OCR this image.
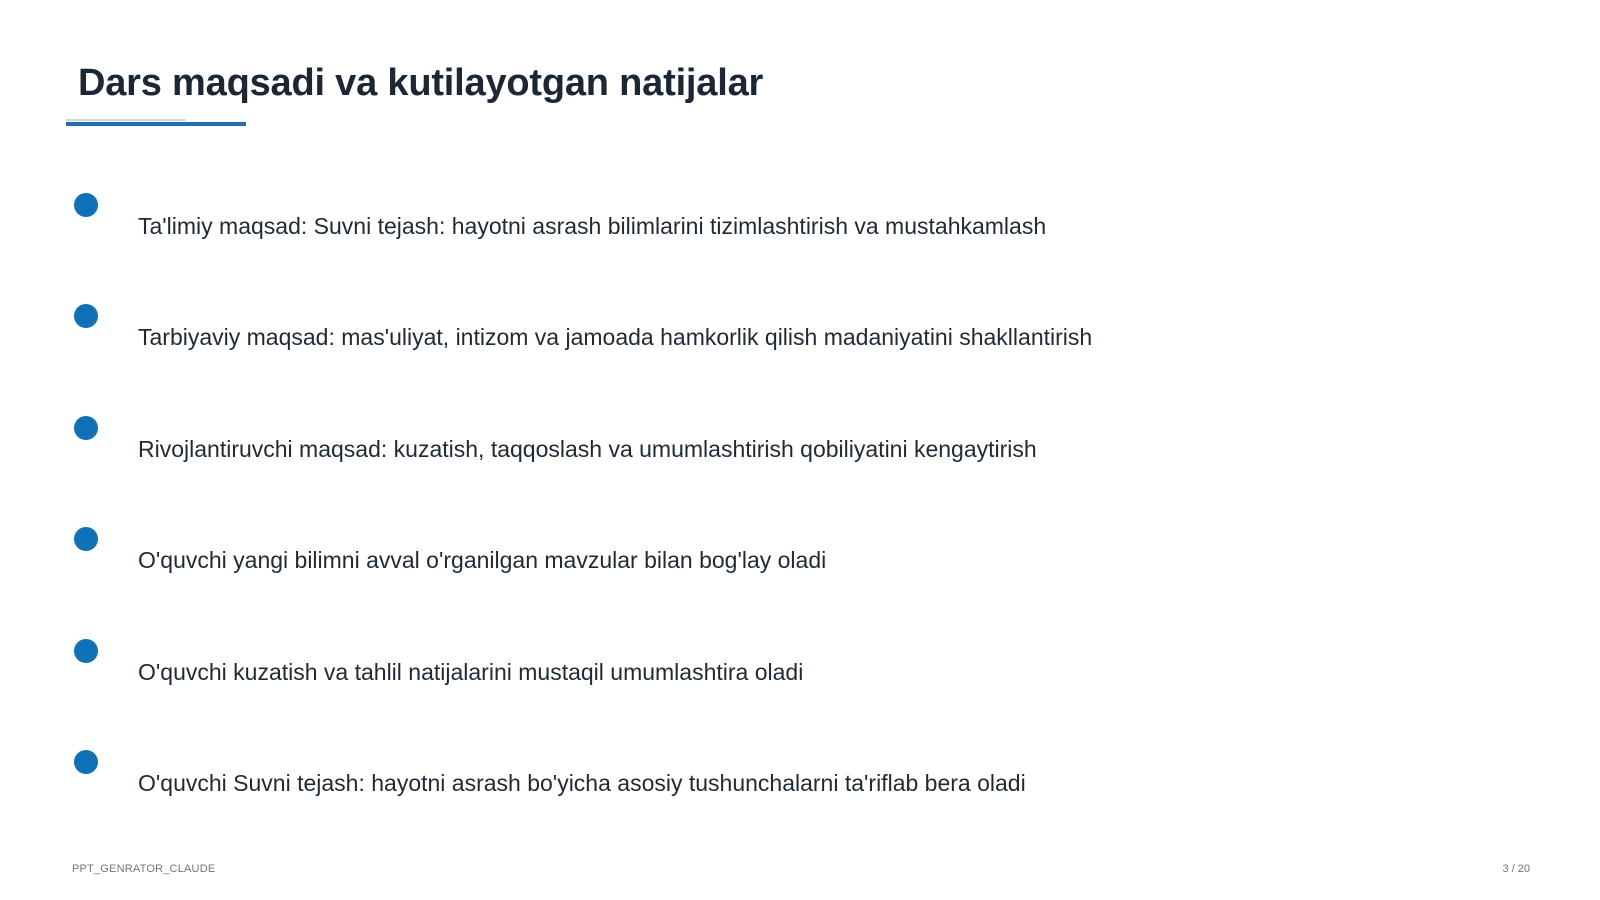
Dars maqsadi va kutilayotgan natijalar
Ta'limiy maqsad: Suvni tejash: hayotni asrash bilimlarini tizimlashtirish va mustahkamlash
Tarbiyaviy maqsad: mas'uliyat, intizom va jamoada hamkorlik qilish madaniyatini shakllantirish
Rivojlantiruvchi maqsad: kuzatish, taqqoslash va umumlashtirish qobiliyatini kengaytirish
O'quvchi yangi bilimni avval o'rganilgan mavzular bilan bog'lay oladi
O'quvchi kuzatish va tahlil natijalarini mustaqil umumlashtira oladi
O'quvchi Suvni tejash: hayotni asrash bo'yicha asosiy tushunchalarni ta'riflab bera oladi
PPT_GENRATOR_CLAUDE	3 / 20
